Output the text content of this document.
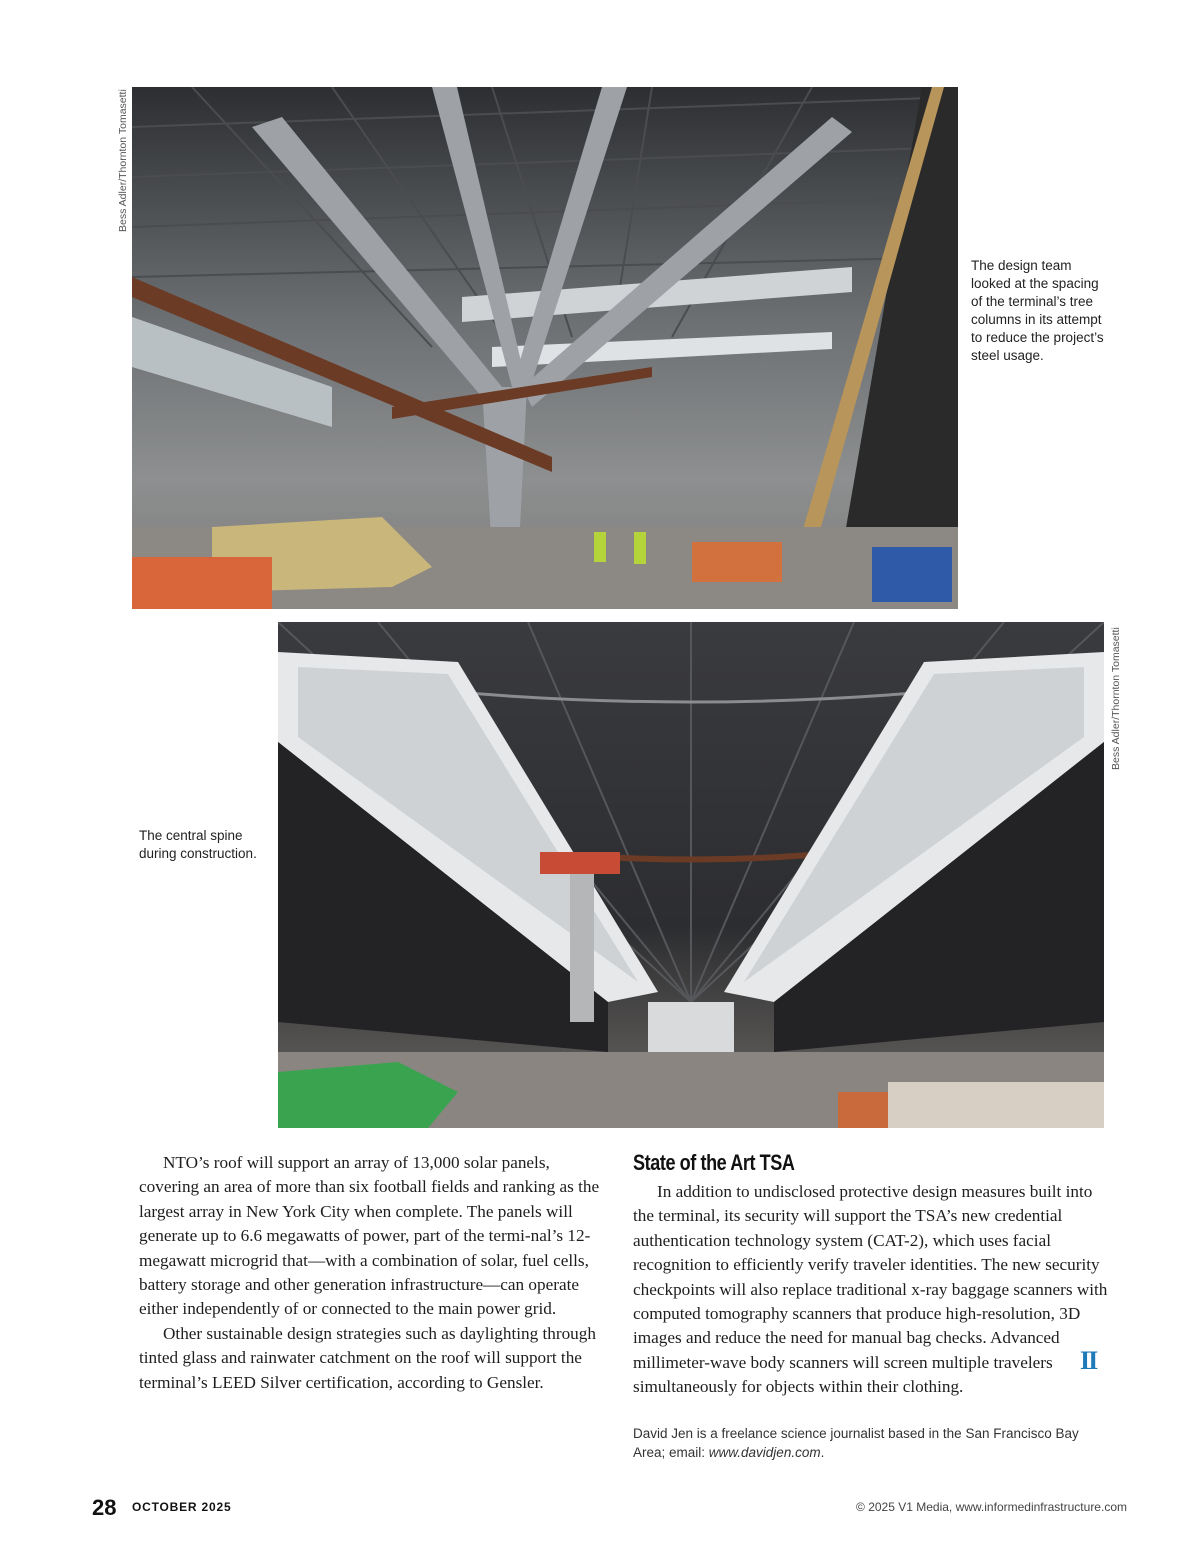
Bess Adler/Thornton Tomasetti
The design team looked at the spacing of the terminal’s tree columns in its attempt to reduce the project’s steel usage.
Bess Adler/Thornton Tomasetti
The central spine during construction.

NTO’s roof will support an array of 13,000 solar panels, covering an area of more than six football fields and ranking as the largest array in New York City when complete. The panels will generate up to 6.6 megawatts of power, part of the termi-nal’s 12-megawatt microgrid that—with a combination of solar, fuel cells, battery storage and other generation infrastructure—can operate either independently of or connected to the main power grid.

Other sustainable design strategies such as daylighting through tinted glass and rainwater catchment on the roof will support the terminal’s LEED Silver certification, according to Gensler.

State of the Art TSA

In addition to undisclosed protective design measures built into the terminal, its security will support the TSA’s new credential authentication technology system (CAT-2), which uses facial recognition to efficiently verify traveler identities. The new security checkpoints will also replace traditional x-ray baggage scanners with computed tomography scanners that produce high-resolution, 3D images and reduce the need for manual bag checks. Advanced millimeter-wave body scanners will screen multiple travelers simultaneously for objects within their clothing.

II
David Jen is a freelance science journalist based in the San Francisco Bay Area; email: www.davidjen.com.
28 OCTOBER 2025	© 2025 V1 Media, www.informedinfrastructure.com
